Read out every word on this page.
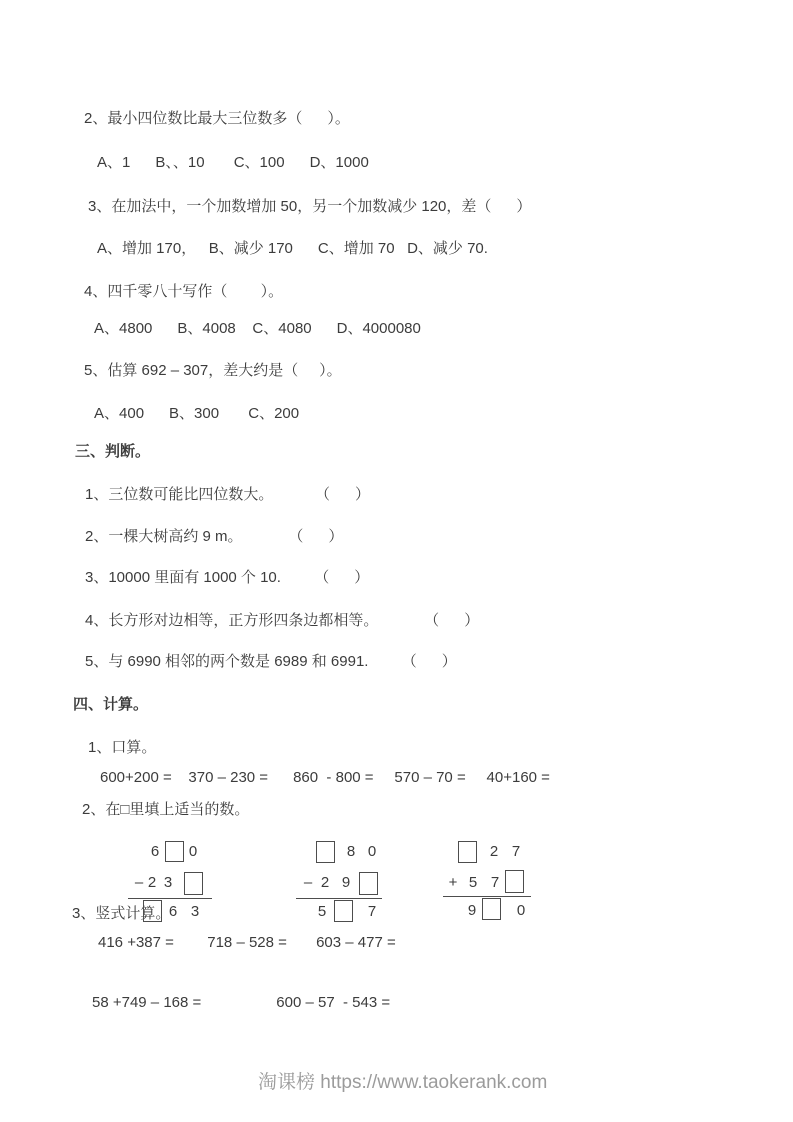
2、最小四位数比最大三位数多（      ）。
A、1      B、、10       C、100      D、1000
3、在加法中，一个加数增加 50，另一个加数减少 120，差（      ）
A、增加 170，   B、减少 170      C、增加 70   D、减少 70.
4、四千零八十写作（        ）。
A、4800      B、4008    C、4080      D、4000080
5、估算 692 – 307，差大约是（     ）。
A、400      B、300       C、200
三、判断。
1、三位数可能比四位数大。          （      ）
2、一棵大树高约 9 m。           （      ）
3、10000 里面有 1000 个 10.        （      ）
4、长方形对边相等，正方形四条边都相等。           （      ）
5、与 6990 相邻的两个数是 6989 和 6991.        （      ）
四、计算。
1、口算。
600+200 =    370 – 230 =      860  - 800 =     570 – 70 =     40+160 =
2、在□里填上适当的数。
3、竖式计算。
416 +387 =        718 – 528 =       603 – 477 =
58 +749 – 168 =                  600 – 57  - 543 =
6 0
– 2 3
6 3
8 0
– 2 9
5	7
2 7
+ 5 7
9	0
淘课榜 https://www.taokerank.com
